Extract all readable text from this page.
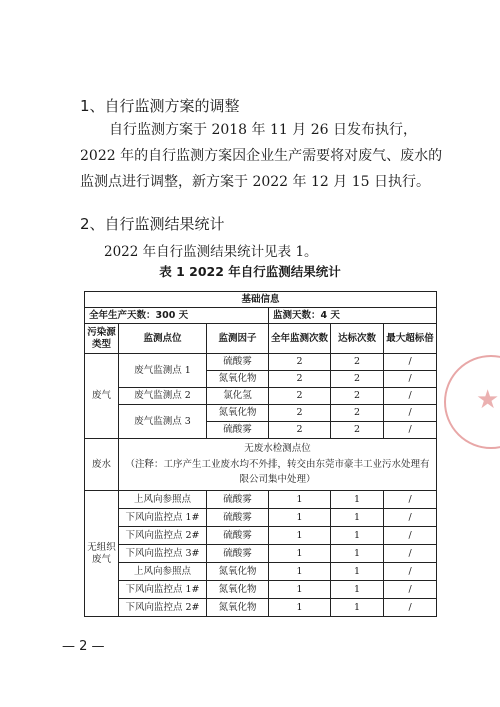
1、自行监测方案的调整
自行监测方案于 2018 年 11 月 26 日发布执行，2022 年的自行监测方案因企业生产需要将对废气、废水的监测点进行调整，新方案于 2022 年 12 月 15 日执行。
2、自行监测结果统计
2022 年自行监测结果统计见表 1。
表 1 2022 年自行监测结果统计
基础信息					
全年生产天数：300 天			监测天数：4 天		
污染源类型	监测点位	监测因子	全年监测次数	达标次数	最大超标倍
废气	废气监测点 1	硫酸雾	2	2	/
		氮氧化物	2	2	/
	废气监测点 2	氯化氢	2	2	/
	废气监测点 3	氮氧化物	2	2	/
		硫酸雾	2	2	/
废水	无废水检测点位
（注释：工序产生工业废水均不外排，转交由东莞市豪丰工业污水处理有限公司集中处理）				

无组织废气	上风向参照点	硫酸雾	1	1	/
	下风向监控点 1#	硫酸雾	1	1	/
	下风向监控点 2#	硫酸雾	1	1	/
	下风向监控点 3#	硫酸雾	1	1	/
	上风向参照点	氮氧化物	1	1	/
	下风向监控点 1#	氮氧化物	1	1	/
	下风向监控点 2#	氮氧化物	1	1	/
★
— 2 —
